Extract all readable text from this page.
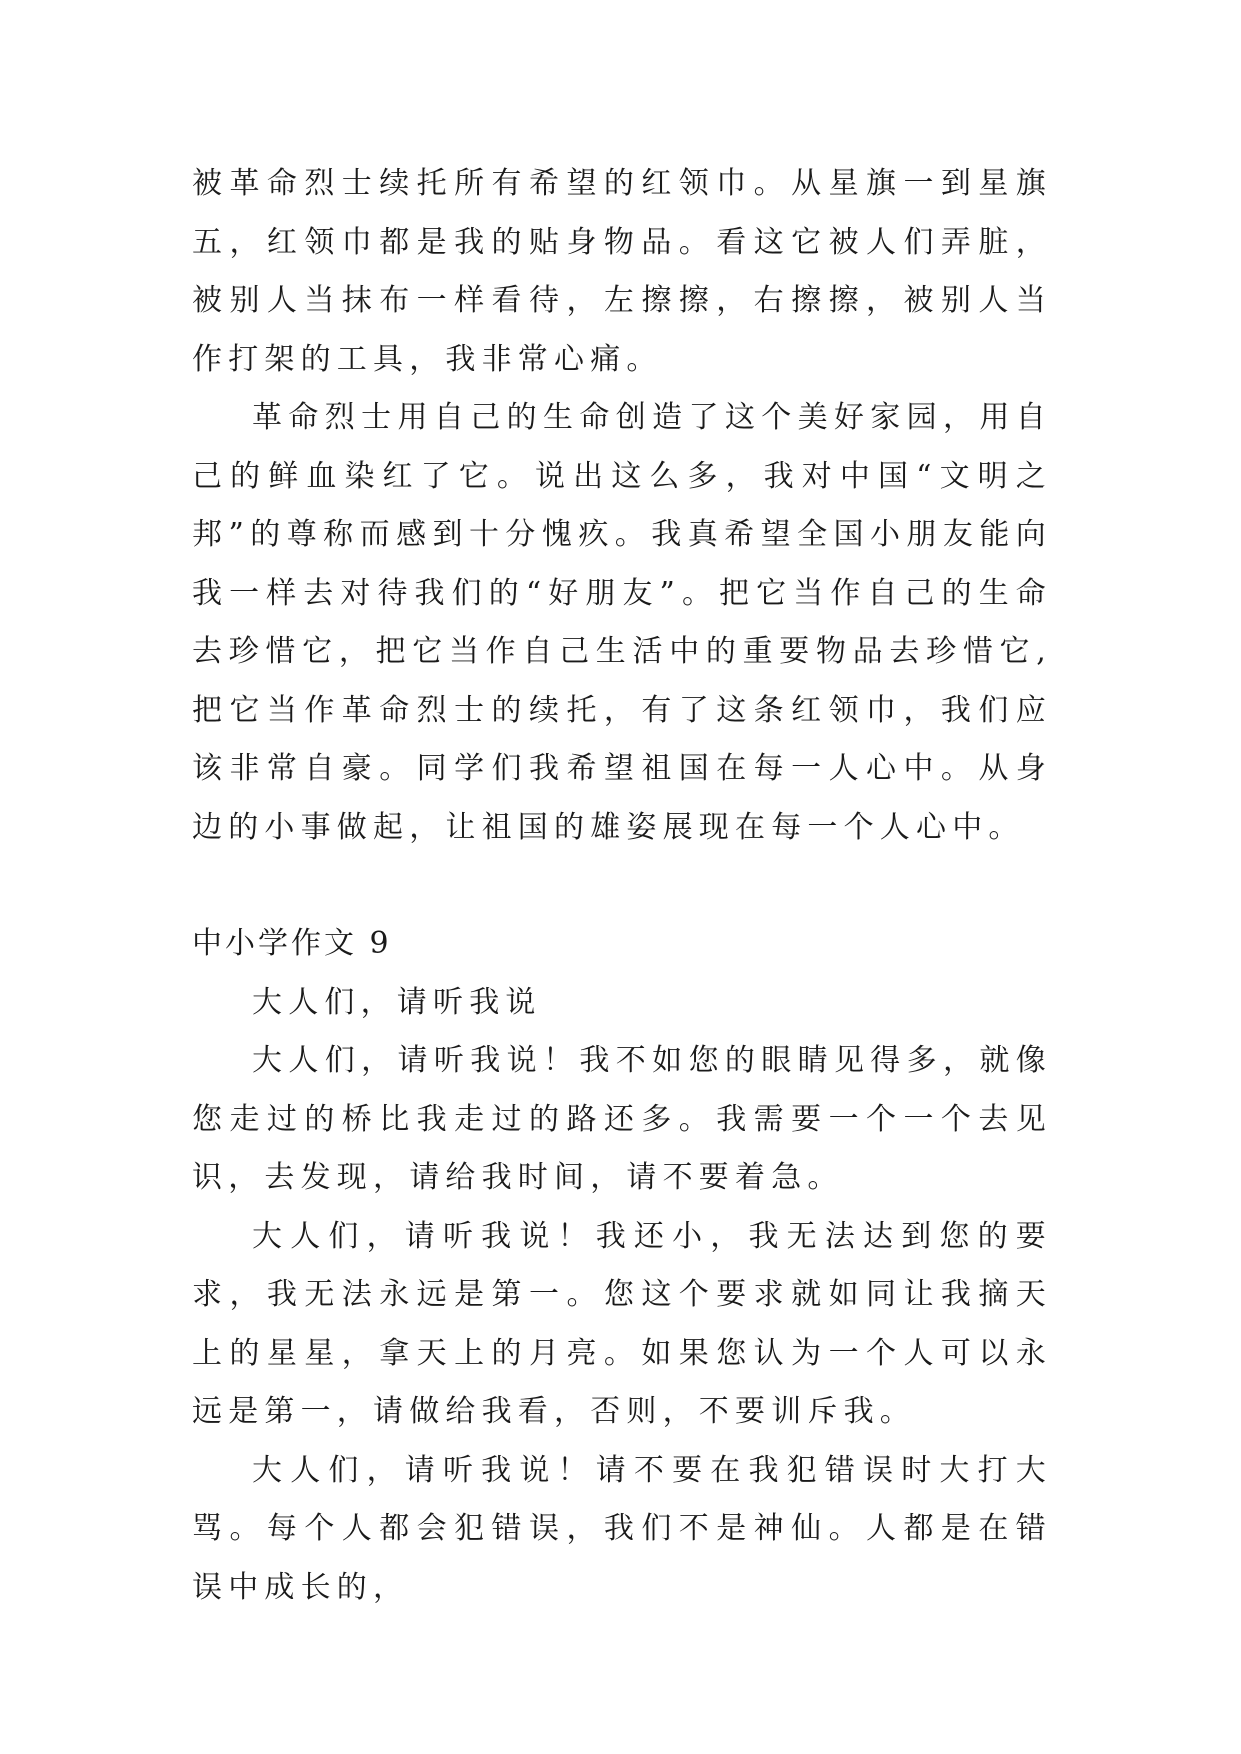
被革命烈士续托所有希望的红领巾。从星旗一到星旗五，红领巾都是我的贴身物品。看这它被人们弄脏，被别人当抹布一样看待，左擦擦，右擦擦，被别人当作打架的工具，我非常心痛。

革命烈士用自己的生命创造了这个美好家园，用自己的鲜血染红了它。说出这么多，我对中国“文明之邦”的尊称而感到十分愧疚。我真希望全国小朋友能向我一样去对待我们的“好朋友”。把它当作自己的生命去珍惜它，把它当作自己生活中的重要物品去珍惜它,把它当作革命烈士的续托，有了这条红领巾，我们应该非常自豪。同学们我希望祖国在每一人心中。从身边的小事做起，让祖国的雄姿展现在每一个人心中。

中小学作文 9

大人们，请听我说

大人们，请听我说！我不如您的眼睛见得多，就像您走过的桥比我走过的路还多。我需要一个一个去见识，去发现，请给我时间，请不要着急。

大人们，请听我说！我还小，我无法达到您的要求，我无法永远是第一。您这个要求就如同让我摘天上的星星，拿天上的月亮。如果您认为一个人可以永远是第一，请做给我看，否则，不要训斥我。

大人们，请听我说！请不要在我犯错误时大打大骂。每个人都会犯错误，我们不是神仙。人都是在错误中成长的，
